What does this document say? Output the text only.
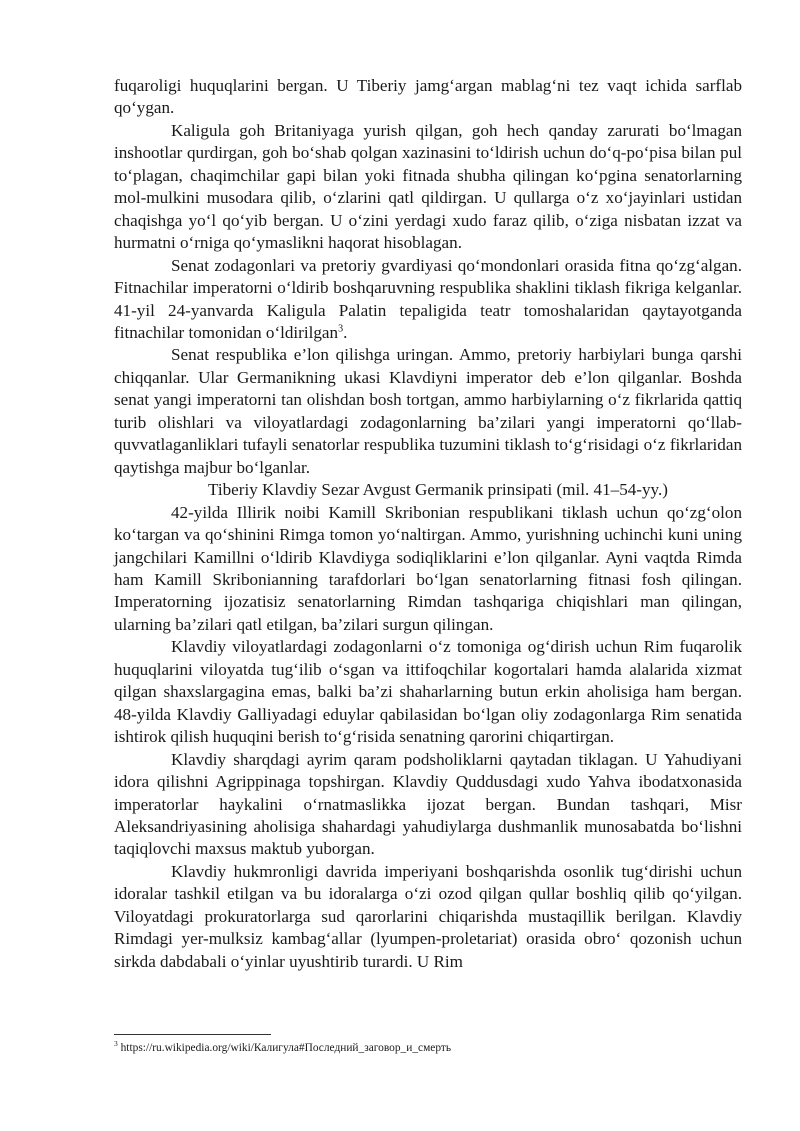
fuqaroligi huquqlarini bergan. U Tiberiy jamgʻargan mablagʻni tez vaqt ichida sarflab qoʻygan.

Kaligula goh Britaniyaga yurish qilgan, goh hech qanday zarurati boʻlmagan inshootlar qurdirgan, goh boʻshab qolgan xazinasini toʻldirish uchun doʻq-poʻpisa bilan pul toʻplagan, chaqimchilar gapi bilan yoki fitnada shubha qilingan koʻpgina senatorlarning mol-mulkini musodara qilib, oʻzlarini qatl qildirgan. U qullarga oʻz xoʻjayinlari ustidan chaqishga yoʻl qoʻyib bergan. U oʻzini yerdagi xudo faraz qilib, oʻziga nisbatan izzat va hurmatni oʻrniga qoʻymaslikni haqorat hisoblagan.

Senat zodagonlari va pretoriy gvardiyasi qoʻmondonlari orasida fitna qoʻzgʻalgan. Fitnachilar imperatorni oʻldirib boshqaruvning respublika shaklini tiklash fikriga kelganlar. 41-yil 24-yanvarda Kaligula Palatin tepaligida teatr tomoshalaridan qaytayotganda fitnachilar tomonidan oʻldirilgan$^3$.

Senat respublika e’lon qilishga uringan. Ammo, pretoriy harbiylari bunga qarshi chiqqanlar. Ular Germanikning ukasi Klavdiyni imperator deb e’lon qilganlar. Boshda senat yangi imperatorni tan olishdan bosh tortgan, ammo harbiylarning oʻz fikrlarida qattiq turib olishlari va viloyatlardagi zodagonlarning ba’zilari yangi imperatorni qoʻllab-quvvatlaganliklari tufayli senatorlar respublika tuzumini tiklash toʻgʻrisidagi oʻz fikrlaridan qaytishga majbur boʻlganlar.

Tiberiy Klavdiy Sezar Avgust Germanik prinsipati (mil. 41–54-yy.)

42-yilda Illirik noibi Kamill Skribonian respublikani tiklash uchun qoʻzgʻolon koʻtargan va qoʻshinini Rimga tomon yoʻnaltirgan. Ammo, yurishning uchinchi kuni uning jangchilari Kamillni oʻldirib Klavdiyga sodiqliklarini e’lon qilganlar. Ayni vaqtda Rimda ham Kamill Skribonianning tarafdorlari boʻlgan senatorlarning fitnasi fosh qilingan. Imperatorning ijozatisiz senatorlarning Rimdan tashqariga chiqishlari man qilingan, ularning ba’zilari qatl etilgan, ba’zilari surgun qilingan.

Klavdiy viloyatlardagi zodagonlarni oʻz tomoniga ogʻdirish uchun Rim fuqarolik huquqlarini viloyatda tugʻilib oʻsgan va ittifoqchilar kogortalari hamda alalarida xizmat qilgan shaxslargagina emas, balki ba’zi shaharlarning butun erkin aholisiga ham bergan. 48-yilda Klavdiy Galliyadagi eduylar qabilasidan boʻlgan oliy zodagonlarga Rim senatida ishtirok qilish huquqini berish toʻgʻrisida senatning qarorini chiqartirgan.

Klavdiy sharqdagi ayrim qaram podsholiklarni qaytadan tiklagan. U Yahudiyani idora qilishni Agrippinaga topshirgan. Klavdiy Quddusdagi xudo Yahva ibodatxonasida imperatorlar haykalini oʻrnatmaslikka ijozat bergan. Bundan tashqari, Misr Aleksandriyasining aholisiga shahardagi yahudiylarga dushmanlik munosabatda boʻlishni taqiqlovchi maxsus maktub yuborgan.

Klavdiy hukmronligi davrida imperiyani boshqarishda osonlik tugʻdirishi uchun idoralar tashkil etilgan va bu idoralarga oʻzi ozod qilgan qullar boshliq qilib qoʻyilgan. Viloyatdagi prokuratorlarga sud qarorlarini chiqarishda mustaqillik berilgan. Klavdiy Rimdagi yer-mulksiz kambagʻallar (lyumpen-proletariat) orasida obroʻ qozonish uchun sirkda dabdabali oʻyinlar uyushtirib turardi. U Rim

$^3$ https://ru.wikipedia.org/wiki/Калигула#Последний_заговор_и_смерть
